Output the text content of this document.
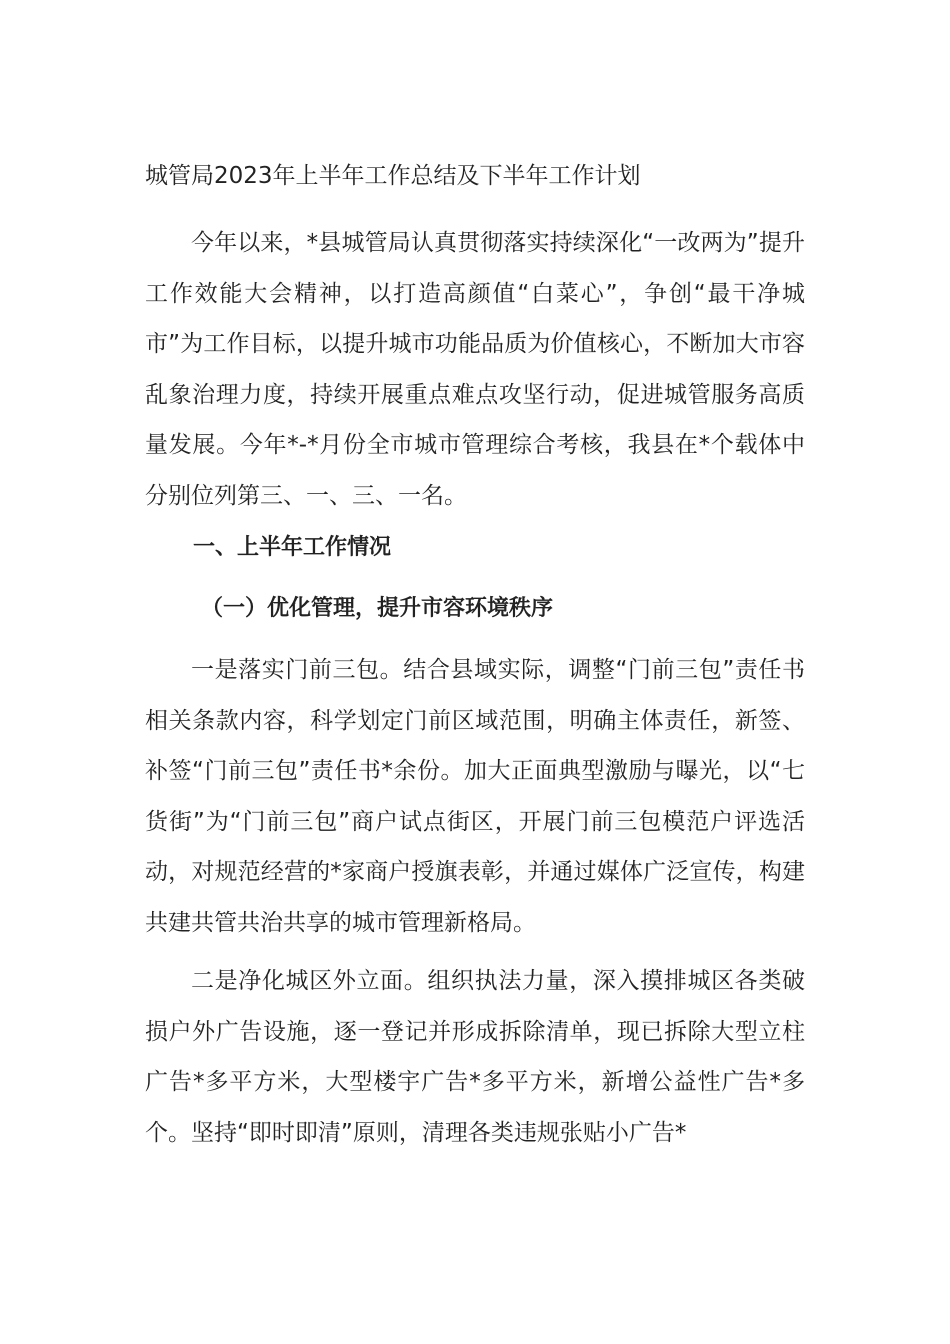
城管局2023年上半年工作总结及下半年工作计划

今年以来，*县城管局认真贯彻落实持续深化“一改两为”提升工作效能大会精神，以打造高颜值“白菜心”，争创“最干净城市”为工作目标，以提升城市功能品质为价值核心，不断加大市容乱象治理力度，持续开展重点难点攻坚行动，促进城管服务高质量发展。今年*-*月份全市城市管理综合考核，我县在*个载体中分别位列第三、一、三、一名。

一、上半年工作情况
（一）优化管理，提升市容环境秩序

一是落实门前三包。结合县域实际，调整“门前三包”责任书相关条款内容，科学划定门前区域范围，明确主体责任，新签、补签“门前三包”责任书*余份。加大正面典型激励与曝光，以“七货街”为“门前三包”商户试点街区，开展门前三包模范户评选活动，对规范经营的*家商户授旗表彰，并通过媒体广泛宣传，构建共建共管共治共享的城市管理新格局。

二是净化城区外立面。组织执法力量，深入摸排城区各类破损户外广告设施，逐一登记并形成拆除清单，现已拆除大型立柱广告*多平方米，大型楼宇广告*多平方米，新增公益性广告*多个。坚持“即时即清”原则，清理各类违规张贴小广告*
